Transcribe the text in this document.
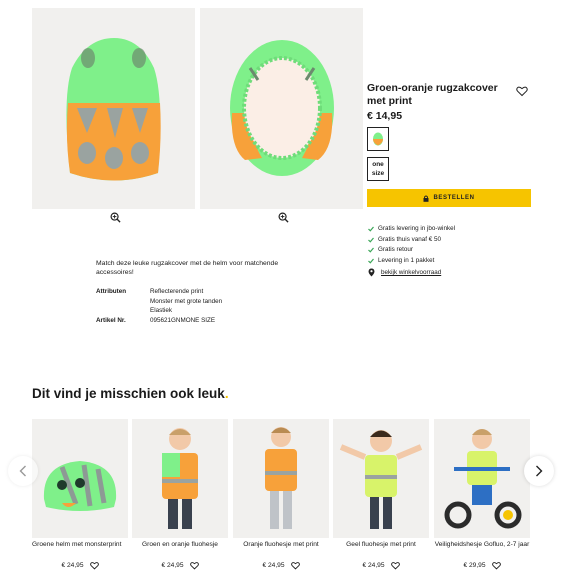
Groen-oranje rugzakcover met print
€ 14,95
one size
BESTELLEN
Gratis levering in jbo-winkel
Gratis thuis vanaf € 50
Gratis retour
Levering in 1 pakket
bekijk winkelvoorraad

Match deze leuke rugzakcover met de helm voor matchende accessoires!

Attributen	Reflecterende print
Monster met grote tanden
Elastiek
Artikel Nr.	095621GNMONE SIZE
Dit vind je misschien ook leuk.
Groene helm met monsterprint
€ 24,95
Groen en oranje fluohesje
€ 24,95
Oranje fluohesje met print
€ 24,95
Geel fluohesje met print
€ 24,95
Veiligheidshesje Gofluo, 2-7 jaar
€ 29,95
